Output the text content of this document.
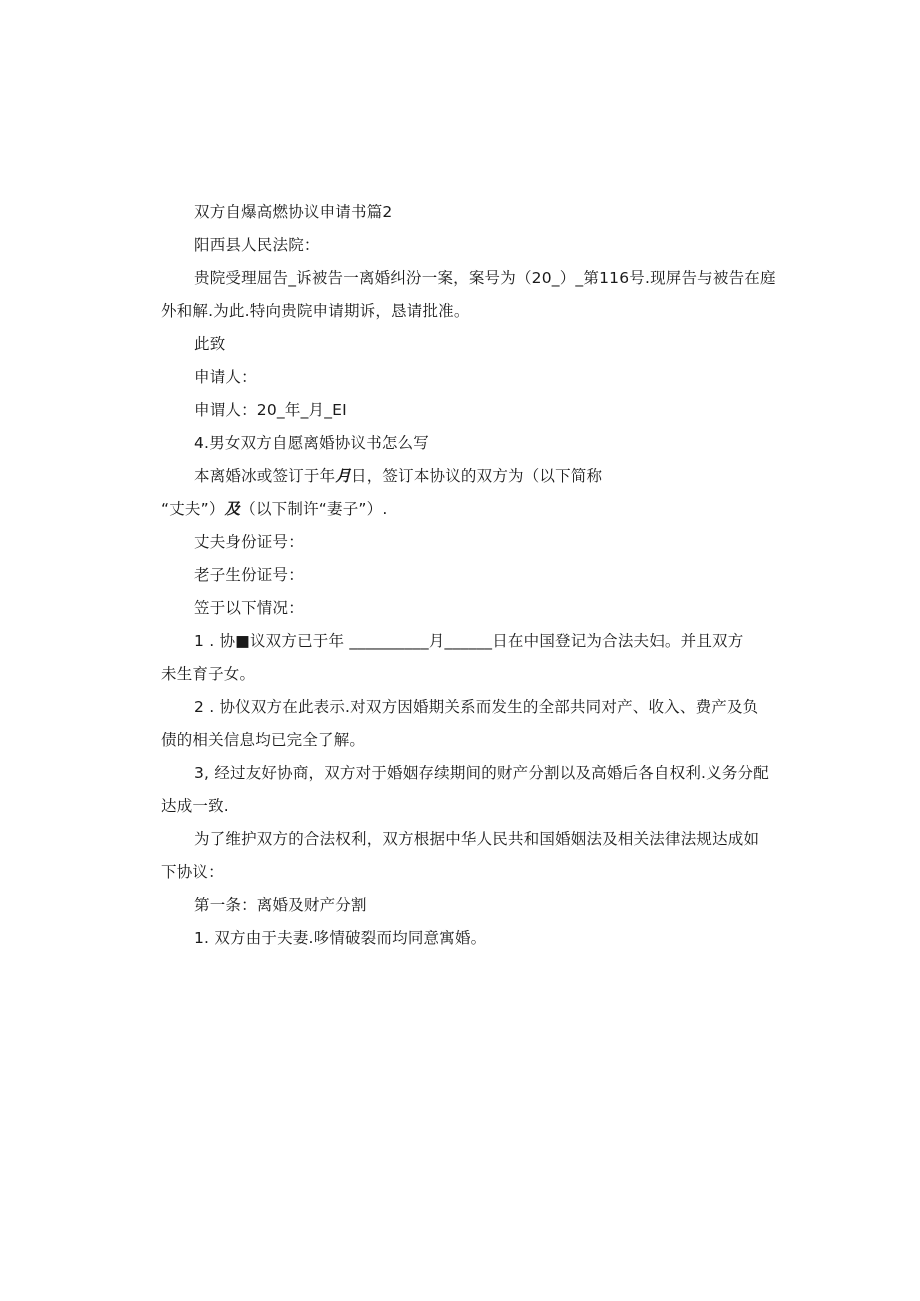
双方自爆高燃协议申请书篇2
阳西县人民法院：
贵院受理屈告_诉被告一离婚纠汾一案，案号为（20_）_第116号.现屏告与被告在庭
外和解.为此.特向贵院申请期诉，恳请批准。
此致
申请人：
申谓人：20_年_月_EI
4.男女双方自愿离婚协议书怎么写
本离婚冰或签订于年月日，签订本协议的双方为（以下简称
“丈夫”）及（以下制许“妻子”）.
丈夫身份证号：
老子生份证号：
笠于以下情况：
1 . 协■议双方已于年 __________月______日在中国登记为合法夫妇。并且双方
未生育子女。
2 . 协仪双方在此表示.对双方因婚期关系而发生的全部共同对产、收入、费产及负
债的相关信息均已完全了解。
3, 经过友好协商，双方对于婚姻存续期间的财产分割以及高婚后各自权利.义务分配
达成一致.
为了维护双方的合法权利，双方根据中华人民共和国婚姻法及相关法律法规达成如
下协议：
第一条：离婚及财产分割
1. 双方由于夫妻.哆情破裂而均同意寓婚。
